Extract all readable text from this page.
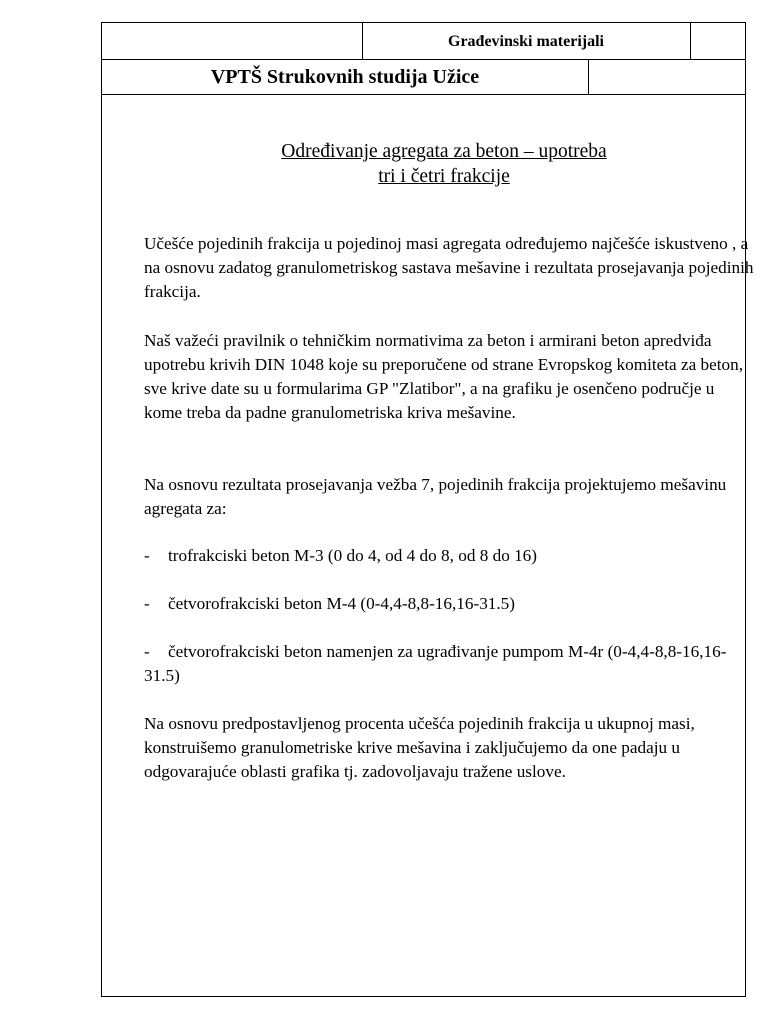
Građevinski materijali
VPTŠ Strukovnih studija Užice
Određivanje agregata za beton – upotreba
tri i četri frakcije

Učešće pojedinih frakcija u pojedinoj masi agregata određujemo najčešće iskustveno , a na osnovu zadatog granulometriskog sastava mešavine i rezultata prosejavanja pojedinih frakcija.

Naš važeći pravilnik o tehničkim normativima za beton i armirani beton apredviđa upotrebu krivih DIN 1048 koje su preporučene od strane Evropskog komiteta za beton, sve krive date su u formularima GP "Zlatibor", a na grafiku je osenčeno područje u kome treba da padne granulometriska kriva mešavine.

Na osnovu rezultata prosejavanja vežba 7, pojedinih frakcija projektujemo mešavinu agregata za:

- trofrakciski beton M-3 (0 do 4, od 4 do 8, od 8 do 16)

- četvorofrakciski beton M-4 (0-4,4-8,8-16,16-31.5)

- četvorofrakciski beton namenjen za ugrađivanje pumpom M-4r (0-4,4-8,8-16,16-31.5)

Na osnovu predpostavljenog procenta učešća pojedinih frakcija u ukupnoj masi, konstruišemo granulometriske krive mešavina i zaključujemo da one padaju u odgovarajuće oblasti grafika tj. zadovoljavaju tražene uslove.
